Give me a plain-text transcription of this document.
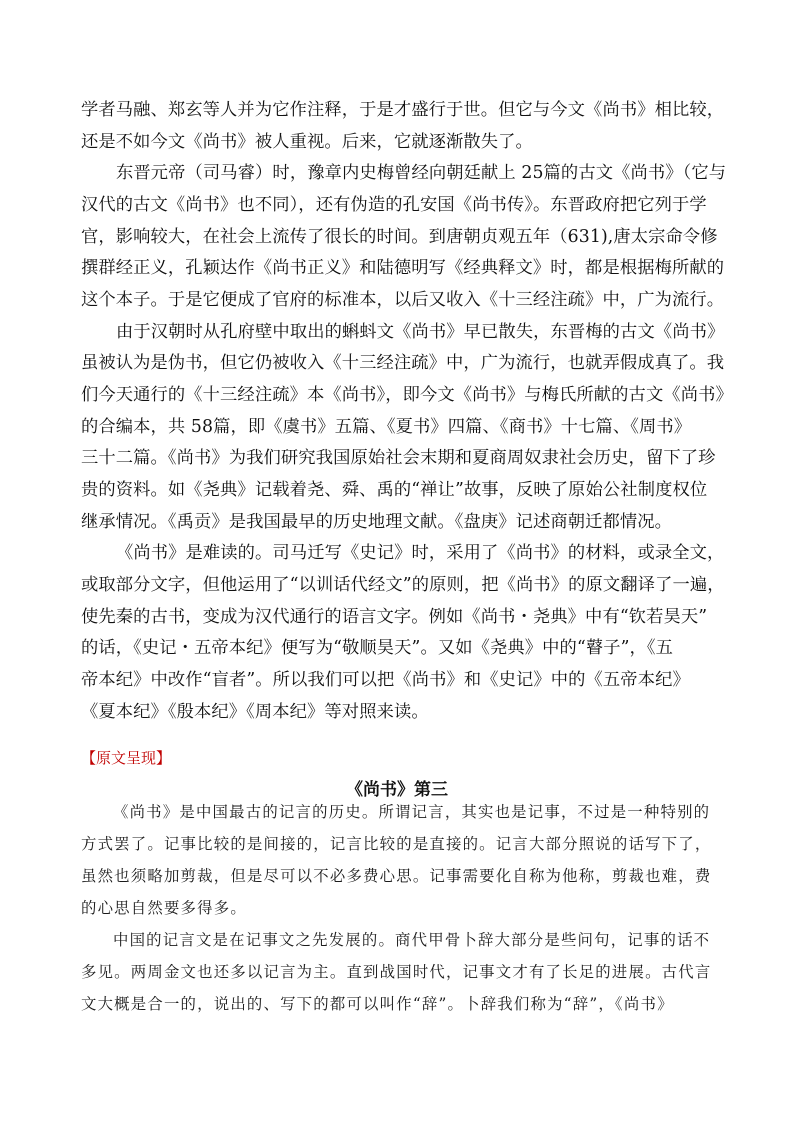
学者马融、郑玄等人并为它作注释，于是才盛行于世。但它与今文《尚书》相比较，
还是不如今文《尚书》被人重视。后来，它就逐渐散失了。
东晋元帝（司马睿）时，豫章内史梅曾经向朝廷献上 25篇的古文《尚书》（它与
汉代的古文《尚书》也不同），还有伪造的孔安国《尚书传》。东晋政府把它列于学
官，影响较大，在社会上流传了很长的时间。到唐朝贞观五年（631),唐太宗命令修
撰群经正义，孔颖达作《尚书正义》和陆德明写《经典释文》时，都是根据梅所献的
这个本子。于是它便成了官府的标准本，以后又收入《十三经注疏》中，广为流行。
由于汉朝时从孔府壁中取出的蝌蚪文《尚书》早已散失，东晋梅的古文《尚书》
虽被认为是伪书，但它仍被收入《十三经注疏》中，广为流行，也就弄假成真了。我
们今天通行的《十三经注疏》本《尚书》，即今文《尚书》与梅氏所献的古文《尚书》
的合编本，共 58篇，即《虞书》五篇、《夏书》四篇、《商书》十七篇、《周书》
三十二篇。《尚书》为我们研究我国原始社会末期和夏商周奴隶社会历史，留下了珍
贵的资料。如《尧典》记载着尧、舜、禹的“禅让”故事，反映了原始公社制度权位
继承情况。《禹贡》是我国最早的历史地理文献。《盘庚》记述商朝迁都情况。
《尚书》是难读的。司马迁写《史记》时，采用了《尚书》的材料，或录全文，
或取部分文字，但他运用了“以训话代经文”的原则，把《尚书》的原文翻译了一遍，
使先秦的古书，变成为汉代通行的语言文字。例如《尚书・尧典》中有“钦若昊天”
的话，《史记・五帝本纪》便写为“敬顺昊天”。又如《尧典》中的“瞽子”，《五
帝本纪》中改作“盲者”。所以我们可以把《尚书》和《史记》中的《五帝本纪》
《夏本纪》《殷本纪》《周本纪》等对照来读。
【原文呈现】
《尚书》第三
《尚书》是中国最古的记言的历史。所谓记言，其实也是记事，不过是一种特别的
方式罢了。记事比较的是间接的，记言比较的是直接的。记言大部分照说的话写下了，
虽然也须略加剪裁，但是尽可以不必多费心思。记事需要化自称为他称，剪裁也难，费
的心思自然要多得多。
中国的记言文是在记事文之先发展的。商代甲骨卜辞大部分是些问句，记事的话不
多见。两周金文也还多以记言为主。直到战国时代，记事文才有了长足的进展。古代言
文大概是合一的，说出的、写下的都可以叫作“辞”。卜辞我们称为“辞”，《尚书》
